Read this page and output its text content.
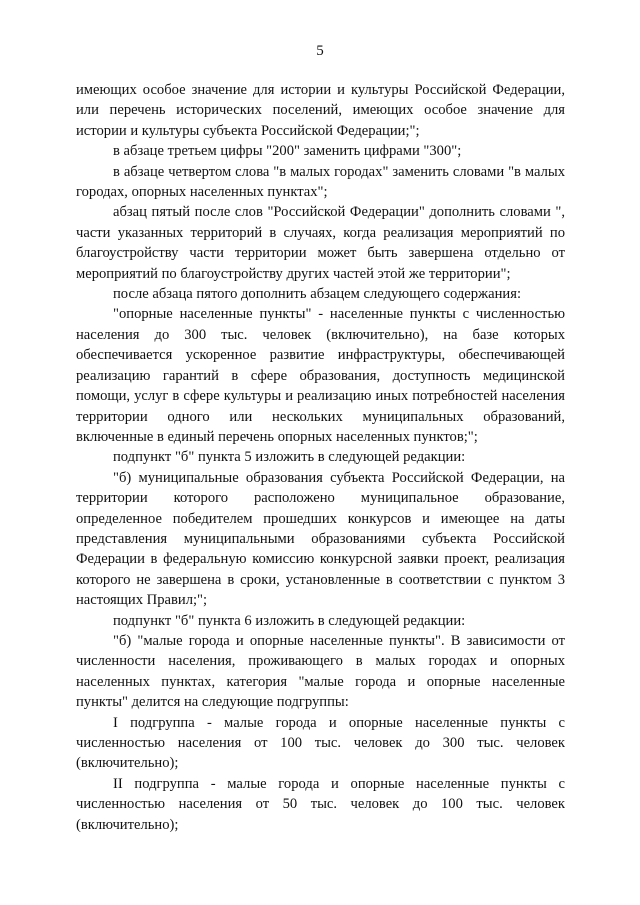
5

имеющих особое значение для истории и культуры Российской Федерации, или перечень исторических поселений, имеющих особое значение для истории и культуры субъекта Российской Федерации;";

в абзаце третьем цифры "200" заменить цифрами "300";

в абзаце четвертом слова "в малых городах" заменить словами "в малых городах, опорных населенных пунктах";

абзац пятый после слов "Российской Федерации" дополнить словами ", части указанных территорий в случаях, когда реализация мероприятий по благоустройству части территории может быть завершена отдельно от мероприятий по благоустройству других частей этой же территории";

после абзаца пятого дополнить абзацем следующего содержания:

"опорные населенные пункты" - населенные пункты с численностью населения до 300 тыс. человек (включительно), на базе которых обеспечивается ускоренное развитие инфраструктуры, обеспечивающей реализацию гарантий в сфере образования, доступность медицинской помощи, услуг в сфере культуры и реализацию иных потребностей населения территории одного или нескольких муниципальных образований, включенные в единый перечень опорных населенных пунктов;";

подпункт "б" пункта 5 изложить в следующей редакции:

"б) муниципальные образования субъекта Российской Федерации, на территории которого расположено муниципальное образование, определенное победителем прошедших конкурсов и имеющее на даты представления муниципальными образованиями субъекта Российской Федерации в федеральную комиссию конкурсной заявки проект, реализация которого не завершена в сроки, установленные в соответствии с пунктом 3 настоящих Правил;";

подпункт "б" пункта 6 изложить в следующей редакции:

"б) "малые города и опорные населенные пункты". В зависимости от численности населения, проживающего в малых городах и опорных населенных пунктах, категория "малые города и опорные населенные пункты" делится на следующие подгруппы:

I подгруппа - малые города и опорные населенные пункты с численностью населения от 100 тыс. человек до 300 тыс. человек (включительно);

II подгруппа - малые города и опорные населенные пункты с численностью населения от 50 тыс. человек до 100 тыс. человек (включительно);
